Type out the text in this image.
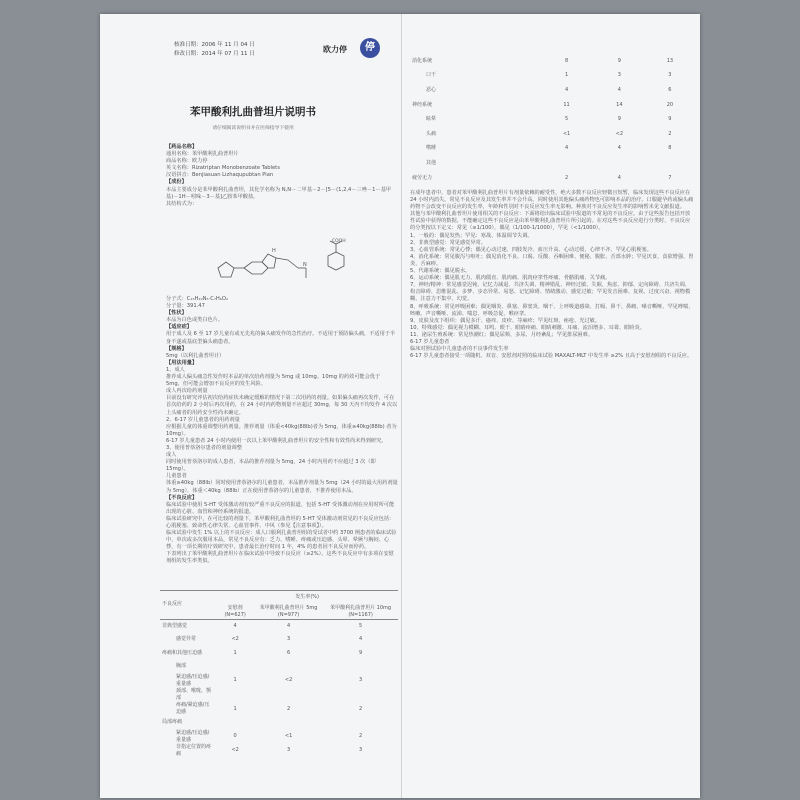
核准日期：2006 年 11 月 04 日
修改日期：2014 年 07 月 11 日	欧力停	停
苯甲酸利扎曲普坦片说明书
请仔细阅读说明书并在医师指导下使用
【药品名称】
通用名称：苯甲酸利扎曲普坦片
商品名称：欧力停
英文名称：Rizatriptan Monobenzoate Tablets
汉语拼音：Benjiasuan Lizhaqupubtan Pian
【成份】
本品主要成分是苯甲酸利扎曲普坦，其化学名称为 N,N－二甲基－2－[5－(1,2,4－三唑－1－基甲基)－1H－吲哚－3－基]乙胺苯甲酸盐。
其结构式为：
N
H
COOH
分子式：C₁₅H₁₉N₅·C₇H₆O₂
分子量：391.47
【性状】
本品为白色或类白色片。
【适应症】
用于成人及 6 至 17 岁儿童有或无先兆的偏头痛发作的急性治疗。不适用于预防偏头痛，不适用于半身不遂或基底型偏头痛患者。
【规格】
5mg（以利扎曲普坦计）
【用法用量】
1、成人
推荐成人偏头痛急性发作时本品的单次给药剂量为 5mg 或 10mg。10mg 的药效可能会优于 5mg，但可能会增加不良反应的发生风险。
成人再次给药剂量
目前没有研究评估初次给药症状未确定缓解的情况下第二次用药的剂量。如果偏头痛再次发作，可在首次给药的 2 小时后再次用药，在 24 小时内药物剂量不应超过 30mg，每 30 天内不均发作 4 次以上头痛者的用药安全性尚未确定。
2、6-17 岁儿童患者的用药剂量
应根据儿童的体重调整用药剂量。推荐剂量（体重<40kg(88lb)者为 5mg，体重≥40kg(88lb) 者为 10mg）。
6-17 岁儿童患者 24 小时内使用一次以上苯甲酸利扎曲普坦片的安全性和有效性尚未得到研究。
3、使用普萘洛尔患者的剂量调整
成人
同时使用普萘洛尔的成人患者，本品的推荐剂量为 5mg，24 小时内用药不应超过 3 次（即 15mg）。
儿童患者
体重≥40kg（88lb）同时使用普萘洛尔的儿童患者，本品推荐剂量为 5mg（24 小时的最大用药剂量为 5mg），体重＜40kg（88lb）正在使用普萘洛尔的儿童患者，不推荐使用本品。
【不良反应】
临床试验中使用 5-HT 受体激动剂有较严重不良反应的报道，包括 5-HT 受体激动剂在应用时所可能出现的心脏、血管和神经系统的报道。
临床试验研究中，在可比较的剂量下，苯甲酸利扎曲普坦的 5-HT 受体激动剂常见的不良反应包括：心肌梗塞、致命性心律失常、心血管事件、中风（参见【注意事项】）。
临床试验中发生 1% 以上的不良反应：成人口服利扎曲普坦组的受试者中约 3700 例患者的临床试验中，单次或多次服用本品，常见不良反应有：乏力、嗜睡、疼痛或压迫感、头晕、晕厥与胸闷、心悸，有一项长期的疗效研究中，患者最长治疗时间 1 年，4% 的患者因不良反应而停药。
下表列出了苯甲酸利扎曲普坦片在临床试验中导致不良反应（≥2%）。这些不良反应中有多项在安慰剂组的发生率类似。
不良反应	发生率(%)		
	安慰剂 (N=627)	苯甲酸利扎曲普坦片 5mg (N=977)	苯甲酸利扎曲普坦片 10mg (N=1167)
非典型感觉	4	4	5
感觉异常	<2	3	4
疼痛和其他压迫感	1	6	9
胸部			
紧迫感/压迫感/重量感	1	<2	3
颈部、喉咙、颚部			
疼痛/紧迫感/压迫感	1	2	2
局部疼痛			
紧迫感/压迫感/重量感	0	<1	2
非指定位置的疼痛	<2	3	3
消化系统	8	9	13
口干	1	3	3
恶心	4	4	6
神经系统	11	14	20
眩晕	5	9	9
头痛	<1	<2	2
嗜睡	4	4	8
其他			
疲劳无力	2	4	7
在成年患者中，患者对苯甲酸利扎曲普坦片有剂量依赖的耐受性，绝大多数不良反应轻微且短暂，临床发现这些不良反应在 24 小时内消失。常见不良反应及其发生率并不会升高。同时使用其他偏头痛药物也可影响本品的治疗。口服避孕药或偏头痛药物不会改变不良反应的发生率，年龄和性别对不良反应发生率无影响。种族对不良反应发生率的影响暂未见文献报道。
其他与苯甲酸利扎曲普坦片使用相关的不良反应：下面将给出临床试验中报道的不常见的不良反应。由于这些报告包括开放性试验中获得的数据，不能确定这些不良反应是由苯甲酸利扎曲普坦片所引起的。在对这些不良反应进行分类时，不良反应的分类按以下定义：常见（≥1/100），偶见（1/100-1/1000），罕见（<1/1000）。
1、一般的：偶见发热；罕见：寒战、体温调节失调。
2、非典型感觉：常见感觉异常。
3、心血管系统：常见心悸；偶见心动过速、四肢发冷、血压升高、心动过缓、心律不齐、罕见心肌梗塞。
4、消化系统：常见腹泻与呕吐；偶见消化不良、口渴、反酸、吞咽困难、便秘、腹胀、舌部水肿；罕见厌食、食欲增强、胃炎、舌麻痹。
5、代谢系统：偶见脱水。
6、运动系统：偶见肌无力、肌肉僵直、肌肉痛、肌肉痉挛性疼痛、骨骼肌痛、关节痛。
7、神经/精神：常见感觉迟钝、记忆力减退、共济失调、精神错乱、神经过敏、失眠、焦虑、抑郁、定向障碍、共济失调、构音障碍、思维混乱、多梦、步态异常、易怒、记忆障碍、情绪激动、感觉过敏；罕见发音困难、复视、过度兴奋、视物模糊、注意力不集中、幻觉。
8、呼吸系统：常见呼吸困难；偶见咽炎、鼻塞、鼻窦炎、咽干、上呼吸道感染、打嗝、鼻干、鼻衄、嗓音嘶哑、罕见哮喘、咳嗽、声音嘶哑、流涕、喘息、呼吸急促、喉痉挛。
9、皮肤及皮下组织：偶见多汗、瘙痒、皮疹、荨麻疹；罕见红斑、痤疮、光过敏。
10、特殊感觉：偶见视力模糊、耳鸣、眼干、眼睛疼痛、眼睛刺激、耳痛、流泪增多、耳聋、眼睑炎。
11、泌尿生殖系统：常见热潮红；偶见尿频、多尿、月经紊乱；罕见排尿困难。
6-17 岁儿童患者
临床对照试验中儿童患者的不良事件发生率
6-17 岁儿童患者接受一项随机、双盲、安慰剂对照的临床试验 MAXALT-MLT 中发生率 ≥2% 且高于安慰剂组的不良反应。
